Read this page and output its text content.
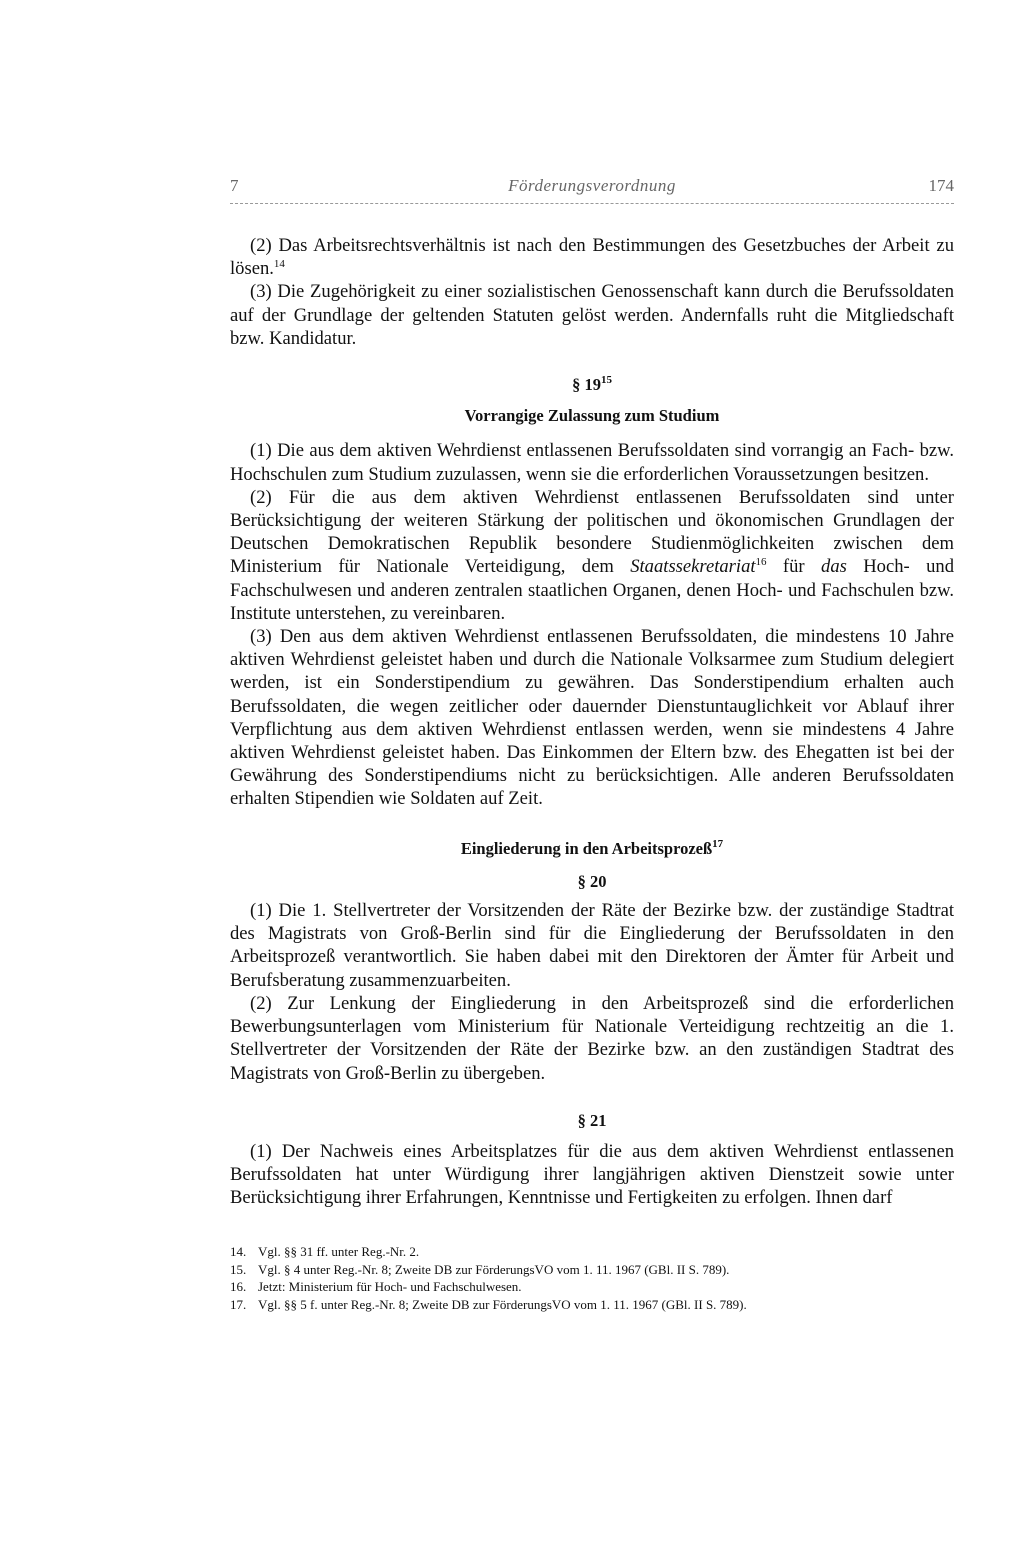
7	Förderungsverordnung	174

(2) Das Arbeitsrechtsverhältnis ist nach den Bestimmungen des Gesetzbuches der Arbeit zu lösen.$^{14}$

(3) Die Zugehörigkeit zu einer sozialistischen Genossenschaft kann durch die Berufssoldaten auf der Grundlage der geltenden Statuten gelöst werden. Andernfalls ruht die Mitgliedschaft bzw. Kandidatur.

§ $19^{15}$

Vorrangige Zulassung zum Studium

(1) Die aus dem aktiven Wehrdienst entlassenen Berufssoldaten sind vorrangig an Fach- bzw. Hochschulen zum Studium zuzulassen, wenn sie die erforderlichen Voraussetzungen besitzen.

(2) Für die aus dem aktiven Wehrdienst entlassenen Berufssoldaten sind unter Berücksichtigung der weiteren Stärkung der politischen und ökonomischen Grundlagen der Deutschen Demokratischen Republik besondere Studienmöglichkeiten zwischen dem Ministerium für Nationale Verteidigung, dem Staatssekretariat$^{16}$ für das Hoch- und Fachschulwesen und anderen zentralen staatlichen Organen, denen Hoch- und Fachschulen bzw. Institute unterstehen, zu vereinbaren.

(3) Den aus dem aktiven Wehrdienst entlassenen Berufssoldaten, die mindestens 10 Jahre aktiven Wehrdienst geleistet haben und durch die Nationale Volksarmee zum Studium delegiert werden, ist ein Sonderstipendium zu gewähren. Das Sonderstipendium erhalten auch Berufssoldaten, die wegen zeitlicher oder dauernder Dienstuntauglichkeit vor Ablauf ihrer Verpflichtung aus dem aktiven Wehrdienst entlassen werden, wenn sie mindestens 4 Jahre aktiven Wehrdienst geleistet haben. Das Einkommen der Eltern bzw. des Ehegatten ist bei der Gewährung des Sonderstipendiums nicht zu berücksichtigen. Alle anderen Berufssoldaten erhalten Stipendien wie Soldaten auf Zeit.

Eingliederung in den Arbeitsprozeß$^{17}$

§ 20

(1) Die 1. Stellvertreter der Vorsitzenden der Räte der Bezirke bzw. der zuständige Stadtrat des Magistrats von Groß-Berlin sind für die Eingliederung der Berufssoldaten in den Arbeitsprozeß verantwortlich. Sie haben dabei mit den Direktoren der Ämter für Arbeit und Berufsberatung zusammenzuarbeiten.

(2) Zur Lenkung der Eingliederung in den Arbeitsprozeß sind die erforderlichen Bewerbungsunterlagen vom Ministerium für Nationale Verteidigung rechtzeitig an die 1. Stellvertreter der Vorsitzenden der Räte der Bezirke bzw. an den zuständigen Stadtrat des Magistrats von Groß-Berlin zu übergeben.

§ 21

(1) Der Nachweis eines Arbeitsplatzes für die aus dem aktiven Wehrdienst entlassenen Berufssoldaten hat unter Würdigung ihrer langjährigen aktiven Dienstzeit sowie unter Berücksichtigung ihrer Erfahrungen, Kenntnisse und Fertigkeiten zu erfolgen. Ihnen darf

14. Vgl. §§ 31 ff. unter Reg.-Nr. 2.

15. Vgl. § 4 unter Reg.-Nr. 8; Zweite DB zur FörderungsVO vom 1. 11. 1967 (GBl. II S. 789).

16. Jetzt: Ministerium für Hoch- und Fachschulwesen.

17. Vgl. §§ 5 f. unter Reg.-Nr. 8; Zweite DB zur FörderungsVO vom 1. 11. 1967 (GBl. II S. 789).
